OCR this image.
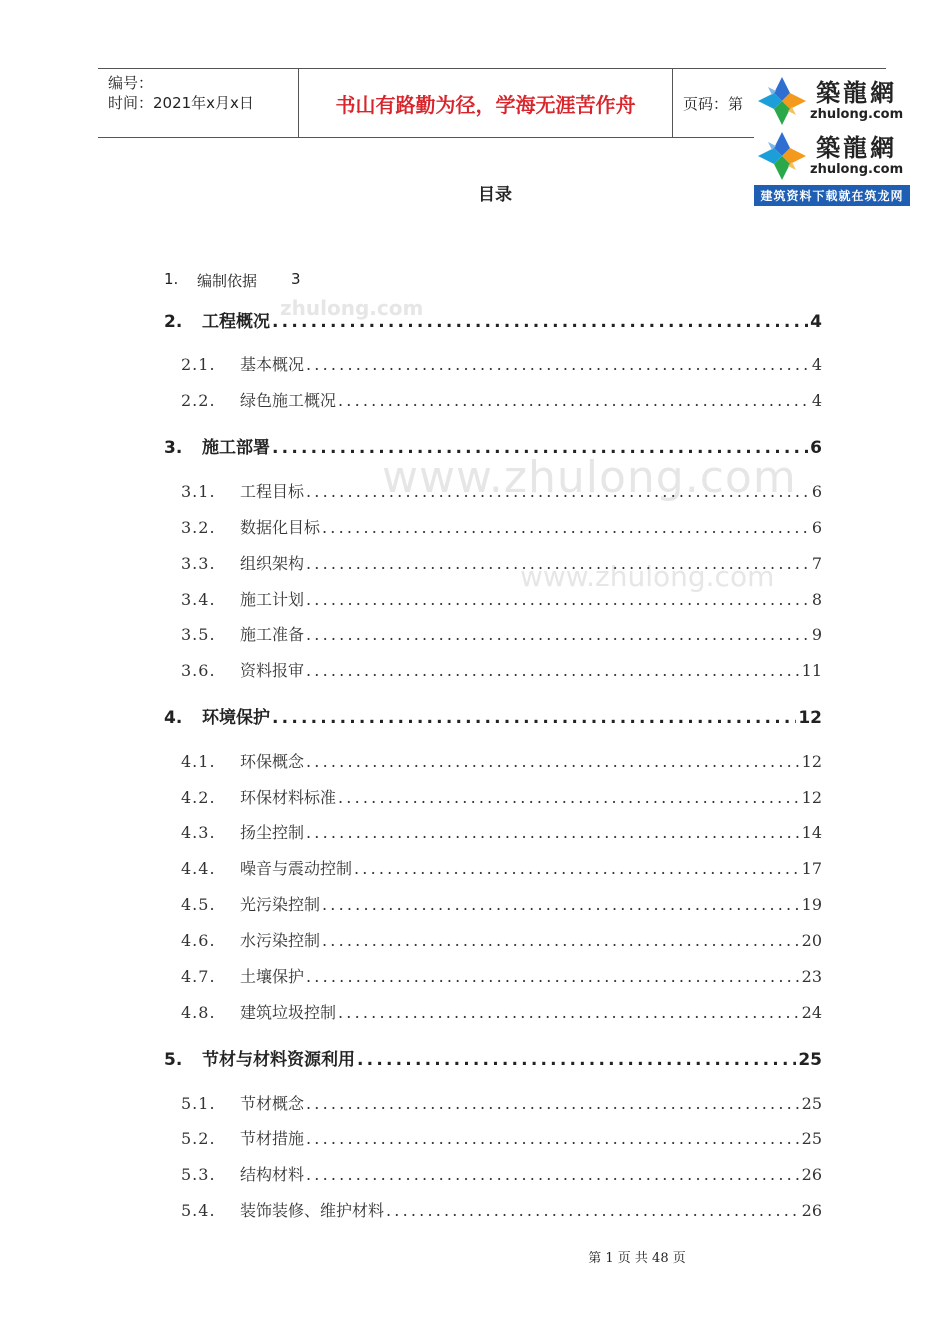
编号：
时间：2021年x月x日	书山有路勤为径，学海无涯苦作舟	页码：第	築龍網
zhulong.com
築龍網
zhulong.com
建筑资料下载就在筑龙网
zhulong.com
www.zhulong.com
www.zhulong.com
目录
1.	编制依据 3
2.	工程概况 .....	4
2.1.	基本概况 .....	4
2.2.	绿色施工概况 .....	4
3.	施工部署 .....	6
3.1.	工程目标 .....	6
3.2.	数据化目标 .....	6
3.3.	组织架构 .....	7
3.4.	施工计划 .....	8
3.5.	施工准备 .....	9
3.6.	资料报审 .....	11
4.	环境保护 .....	12
4.1.	环保概念 .....	12
4.2.	环保材料标准 .....	12
4.3.	扬尘控制 .....	14
4.4.	噪音与震动控制 .....	17
4.5.	光污染控制 .....	19
4.6.	水污染控制 .....	20
4.7.	土壤保护 .....	23
4.8.	建筑垃圾控制 .....	24
5.	节材与材料资源利用 .....	25
5.1.	节材概念 .....	25
5.2.	节材措施 .....	25
5.3.	结构材料 .....	26
5.4.	装饰装修、维护材料 .....	26
第 1 页 共 48 页
